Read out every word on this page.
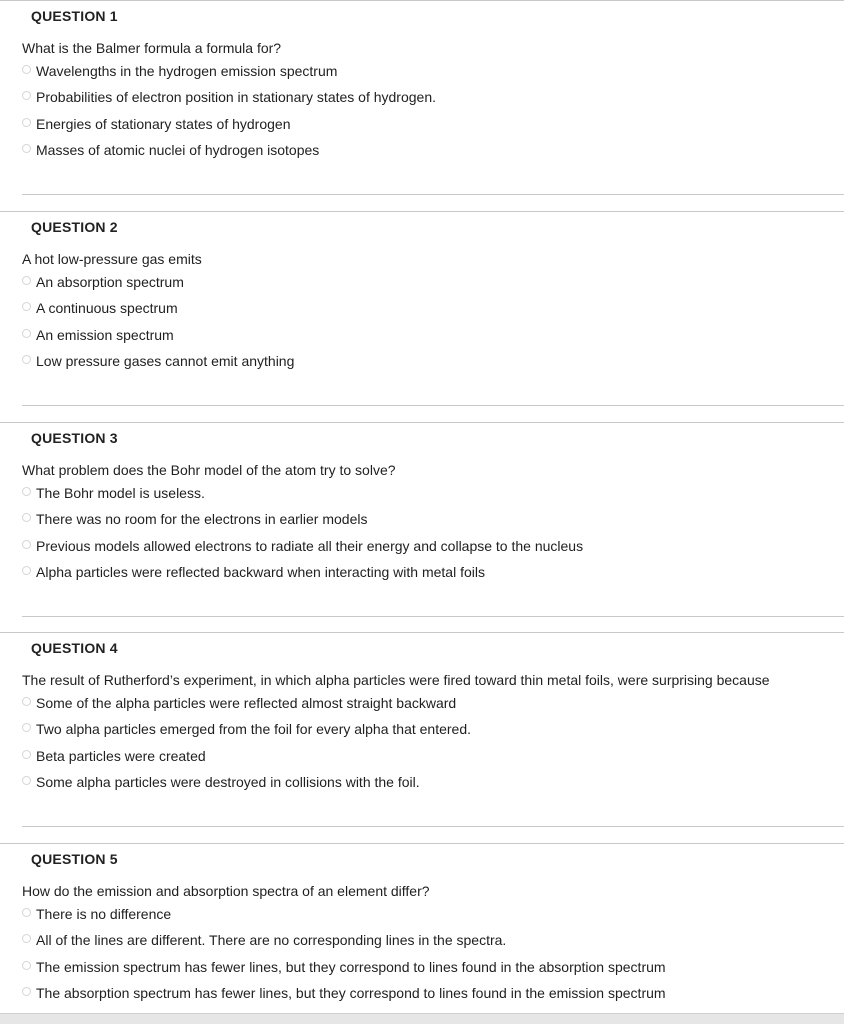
QUESTION 1
What is the Balmer formula a formula for?
Wavelengths in the hydrogen emission spectrum
Probabilities of electron position in stationary states of hydrogen.
Energies of stationary states of hydrogen
Masses of atomic nuclei of hydrogen isotopes
QUESTION 2
A hot low-pressure gas emits
An absorption spectrum
A continuous spectrum
An emission spectrum
Low pressure gases cannot emit anything
QUESTION 3
What problem does the Bohr model of the atom try to solve?
The Bohr model is useless.
There was no room for the electrons in earlier models
Previous models allowed electrons to radiate all their energy and collapse to the nucleus
Alpha particles were reflected backward when interacting with metal foils
QUESTION 4
The result of Rutherford’s experiment, in which alpha particles were fired toward thin metal foils, were surprising because
Some of the alpha particles were reflected almost straight backward
Two alpha particles emerged from the foil for every alpha that entered.
Beta particles were created
Some alpha particles were destroyed in collisions with the foil.
QUESTION 5
How do the emission and absorption spectra of an element differ?
There is no difference
All of the lines are different. There are no corresponding lines in the spectra.
The emission spectrum has fewer lines, but they correspond to lines found in the absorption spectrum
The absorption spectrum has fewer lines, but they correspond to lines found in the emission spectrum
